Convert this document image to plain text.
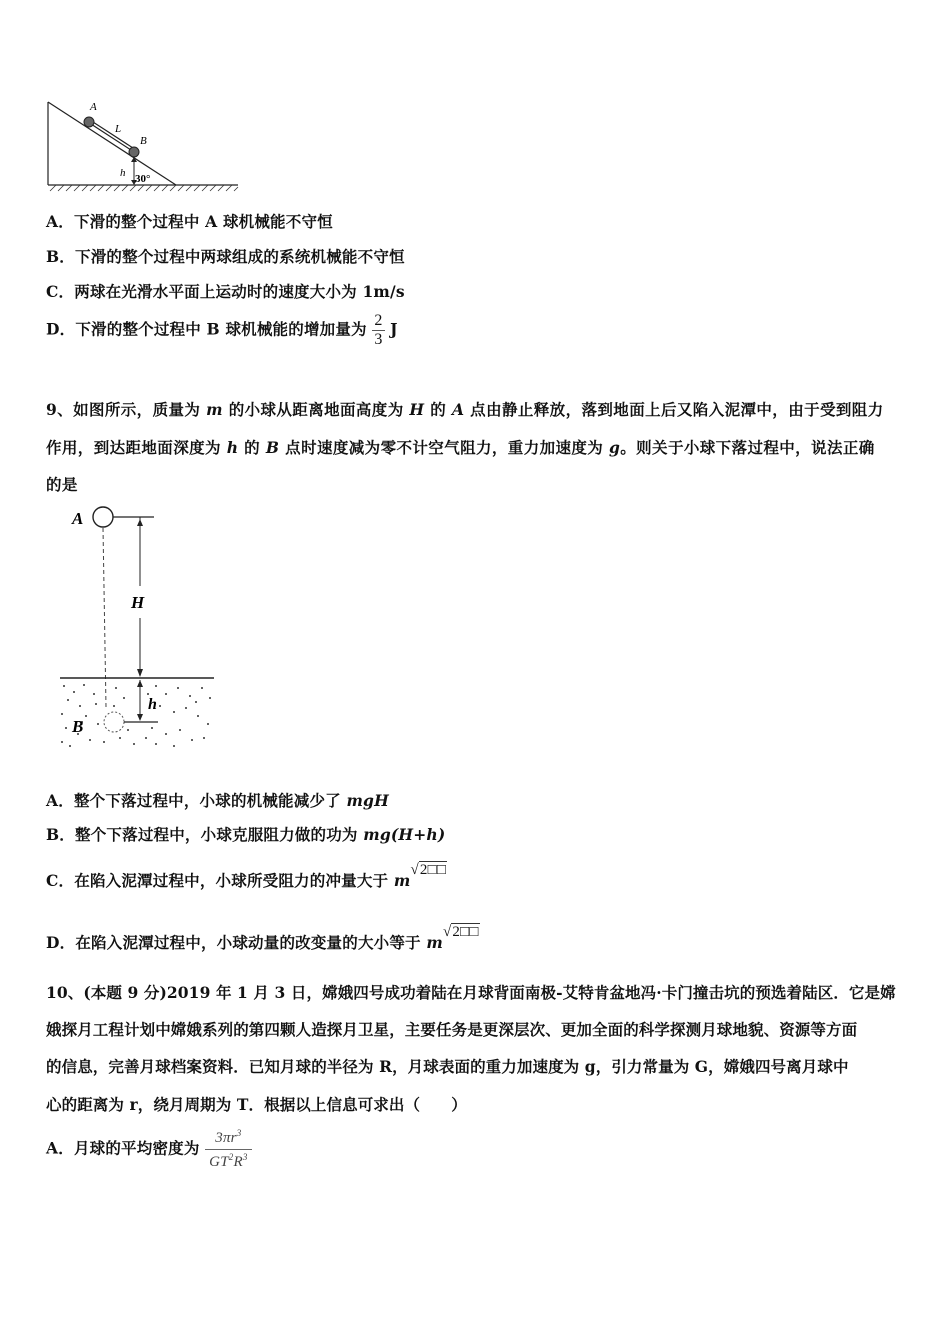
A
L
B
h 30°
A．下滑的整个过程中 A 球机械能不守恒
B．下滑的整个过程中两球组成的系统机械能不守恒
C．两球在光滑水平面上运动时的速度大小为 1m/s
D．下滑的整个过程中 B 球机械能的增加量为 $\frac{2}{3}$ J
9、如图所示，质量为 m 的小球从距离地面高度为 H 的 A 点由静止释放，落到地面上后又陷入泥潭中，由于受到阻力
作用，到达距地面深度为 h 的 B 点时速度减为零不计空气阻力，重力加速度为 g。则关于小球下落过程中，说法正确
的是
A
H
h
B
A．整个下落过程中，小球的机械能减少了 mgH
B．整个下落过程中，小球克服阻力做的功为 mg(H+h)
C．在陷入泥潭过程中，小球所受阻力的冲量大于 m√2□□
D．在陷入泥潭过程中，小球动量的改变量的大小等于 m√2□□
10、(本题 9 分)2019 年 1 月 3 日，嫦娥四号成功着陆在月球背面南极-艾特肯盆地冯·卡门撞击坑的预选着陆区．它是嫦
娥探月工程计划中嫦娥系列的第四颗人造探月卫星，主要任务是更深层次、更加全面的科学探测月球地貌、资源等方面
的信息，完善月球档案资料．已知月球的半径为 R，月球表面的重力加速度为 g，引力常量为 G，嫦娥四号离月球中
心的距离为 r，绕月周期为 T．根据以上信息可求出（　　）
A．月球的平均密度为 $\frac{3\pi r^3}{GT^2R^3}$
